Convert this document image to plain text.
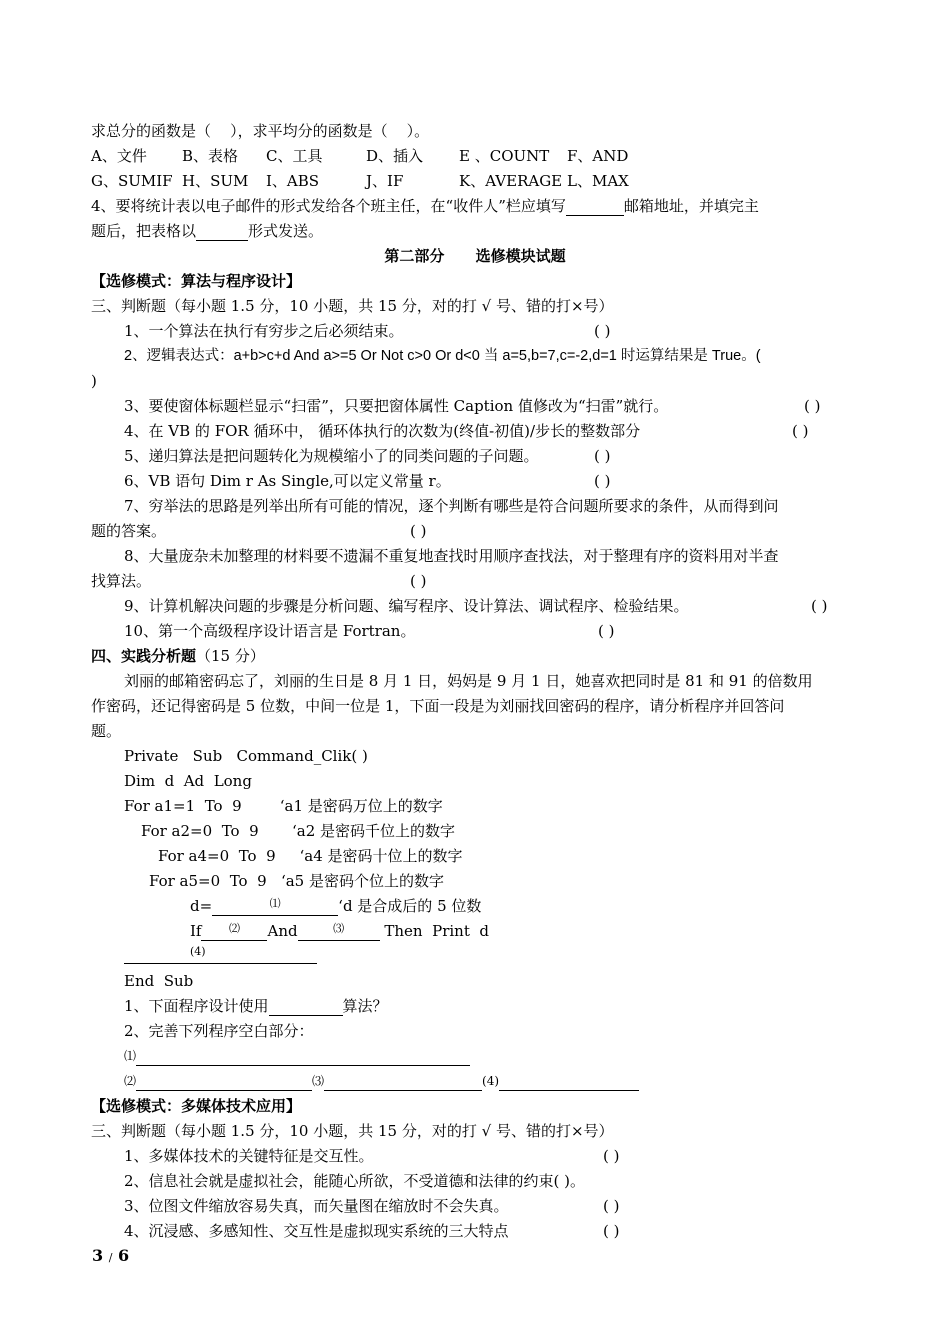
求总分的函数是（    ），求平均分的函数是（    ）。
A、文件 B、表格 C、工具	D、插入 E 、COUNT F、AND
G、SUMIF H、SUM I、ABS	J、IF	K、AVERAGE L、MAX
4、要将统计表以电子邮件的形式发给各个班主任，在“收件人”栏应填写	邮箱地址，并填完主
题后，把表格以	形式发送。
第二部分      选修模块试题
【选修模式：算法与程序设计】
三、判断题（每小题 1.5 分，10 小题，共 15 分，对的打 √ 号、错的打×号）
1、一个算法在执行有穷步之后必须结束。	( )
2、逻辑表达式：a+b>c+d And a>=5 Or Not c>0 Or d<0 当 a=5,b=7,c=-2,d=1 时运算结果是 True。(
)
3、要使窗体标题栏显示“扫雷”，只要把窗体属性 Caption 值修改为“扫雷”就行。	( )
4、在 VB 的 FOR 循环中， 循环体执行的次数为(终值-初值)/步长的整数部分	( )
5、递归算法是把问题转化为规模缩小了的同类问题的子问题。	( )
6、VB 语句 Dim r As Single,可以定义常量 r。	( )
7、穷举法的思路是列举出所有可能的情况，逐个判断有哪些是符合问题所要求的条件，从而得到问
题的答案。	( )
8、大量庞杂未加整理的材料要不遗漏不重复地查找时用顺序查找法，对于整理有序的资料用对半查
找算法。	( )
9、计算机解决问题的步骤是分析问题、编写程序、设计算法、调试程序、检验结果。	( )
10、第一个高级程序设计语言是 Fortran。	( )
四、实践分析题（15 分）
刘丽的邮箱密码忘了，刘丽的生日是 8 月 1 日，妈妈是 9 月 1 日，她喜欢把同时是 81 和 91 的倍数用
作密码，还记得密码是 5 位数，中间一位是 1，下面一段是为刘丽找回密码的程序，请分析程序并回答问
题。
Private   Sub   Command_Clik( )
Dim  d  Ad  Long
For a1=1  To  9        ‘a1 是密码万位上的数字
For a2=0  To  9       ‘a2 是密码千位上的数字
For a4=0  To  9     ‘a4 是密码十位上的数字
For a5=0  To  9   ‘a5 是密码个位上的数字
d=	⑴	‘d 是合成后的 5 位数
If	⑵ And	⑶ Then  Print  d
(4)
End  Sub
1、下面程序设计使用	算法？
2、完善下列程序空白部分：
⑴
⑵	⑶	(4)
【选修模式：多媒体技术应用】
三、判断题（每小题 1.5 分，10 小题，共 15 分，对的打 √ 号、错的打×号）
1、多媒体技术的关键特征是交互性。	( )
2、信息社会就是虚拟社会，能随心所欲，不受道德和法律的约束( )。
3、位图文件缩放容易失真，而矢量图在缩放时不会失真。	( )
4、沉浸感、多感知性、交互性是虚拟现实系统的三大特点	( )
3 / 6
